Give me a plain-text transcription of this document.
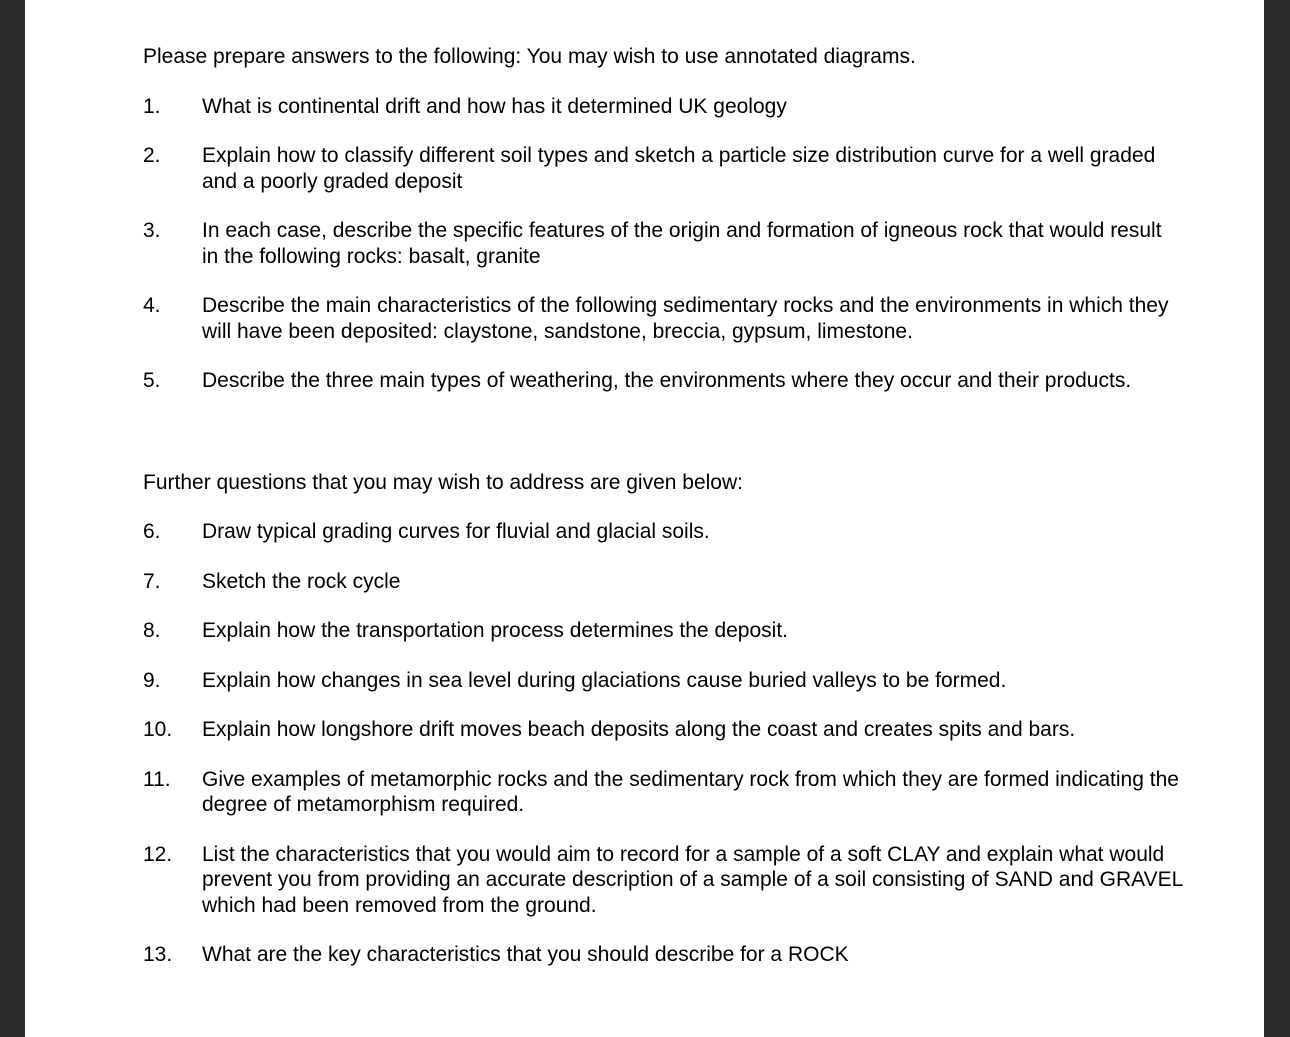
Please prepare answers to the following: You may wish to use annotated diagrams.

1.	What is continental drift and how has it determined UK geology
2.	Explain how to classify different soil types and sketch a particle size distribution curve for a well graded and a poorly graded deposit
3.	In each case, describe the specific features of the origin and formation of igneous rock that would result in the following rocks: basalt, granite
4.	Describe the main characteristics of the following sedimentary rocks and the environments in which they will have been deposited: claystone, sandstone, breccia, gypsum, limestone.
5.	Describe the three main types of weathering, the environments where they occur and their products.

Further questions that you may wish to address are given below:

6.	Draw typical grading curves for fluvial and glacial soils.
7.	Sketch the rock cycle
8.	Explain how the transportation process determines the deposit.
9.	Explain how changes in sea level during glaciations cause buried valleys to be formed.
10.	Explain how longshore drift moves beach deposits along the coast and creates spits and bars.
11.	Give examples of metamorphic rocks and the sedimentary rock from which they are formed indicating the degree of metamorphism required.
12.	List the characteristics that you would aim to record for a sample of a soft CLAY and explain what would prevent you from providing an accurate description of a sample of a soil consisting of SAND and GRAVEL which had been removed from the ground.
13.	What are the key characteristics that you should describe for a ROCK
